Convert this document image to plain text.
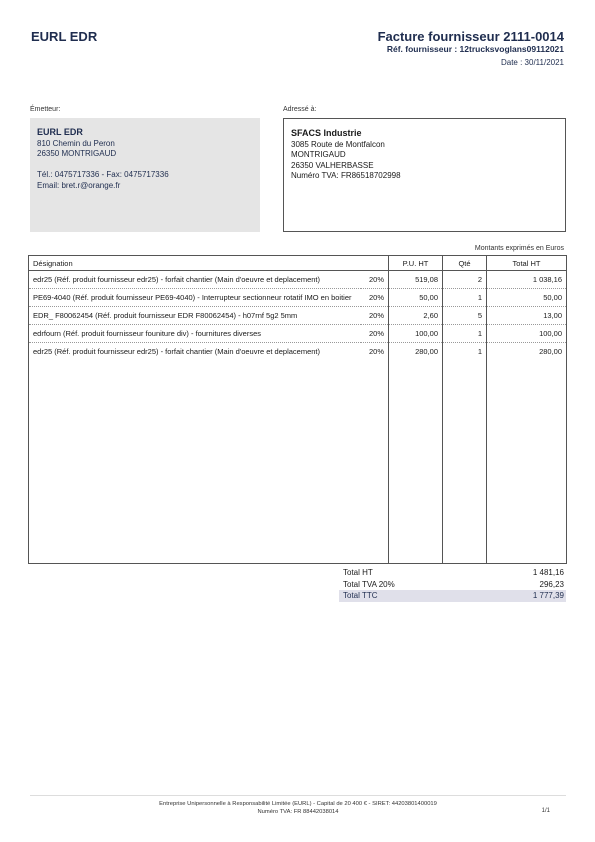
EURL EDR	Facture fournisseur 2111-0014
Réf. fournisseur : 12trucksvoglans09112021
Date : 30/11/2021
Émetteur:	Adressé à:
EURL EDR
810 Chemin du Peron
26350 MONTRIGAUD
Tél.: 0475717336 - Fax: 0475717336
Email: bret.r@orange.fr
SFACS Industrie
3085 Route de Montfalcon
MONTRIGAUD
26350 VALHERBASSE
Numéro TVA: FR86518702998
Montants exprimés en Euros
Désignation		P.U. HT	Qté	Total HT
edr25 (Réf. produit fournisseur edr25) - forfait chantier (Main d'oeuvre et deplacement)	20%	519,08	2	1 038,16
PE69-4040 (Réf. produit fournisseur PE69-4040) - Interrupteur sectionneur rotatif IMO en boitier	20%	50,00	1	50,00
EDR_ F80062454 (Réf. produit fournisseur EDR F80062454) - h07rnf 5g2 5mm	20%	2,60	5	13,00
edrfourn (Réf. produit fournisseur founiture div) - fournitures diverses	20%	100,00	1	100,00
edr25 (Réf. produit fournisseur edr25) - forfait chantier (Main d'oeuvre et deplacement)	20%	280,00	1	280,00

Total HT	1 481,16
Total TVA 20%	296,23
Total TTC	1 777,39
Entreprise Unipersonnelle à Responsabilité Limitée (EURL) - Capital de 20 400 € - SIRET: 44203801400019
Numéro TVA: FR 88442038014	1/1
